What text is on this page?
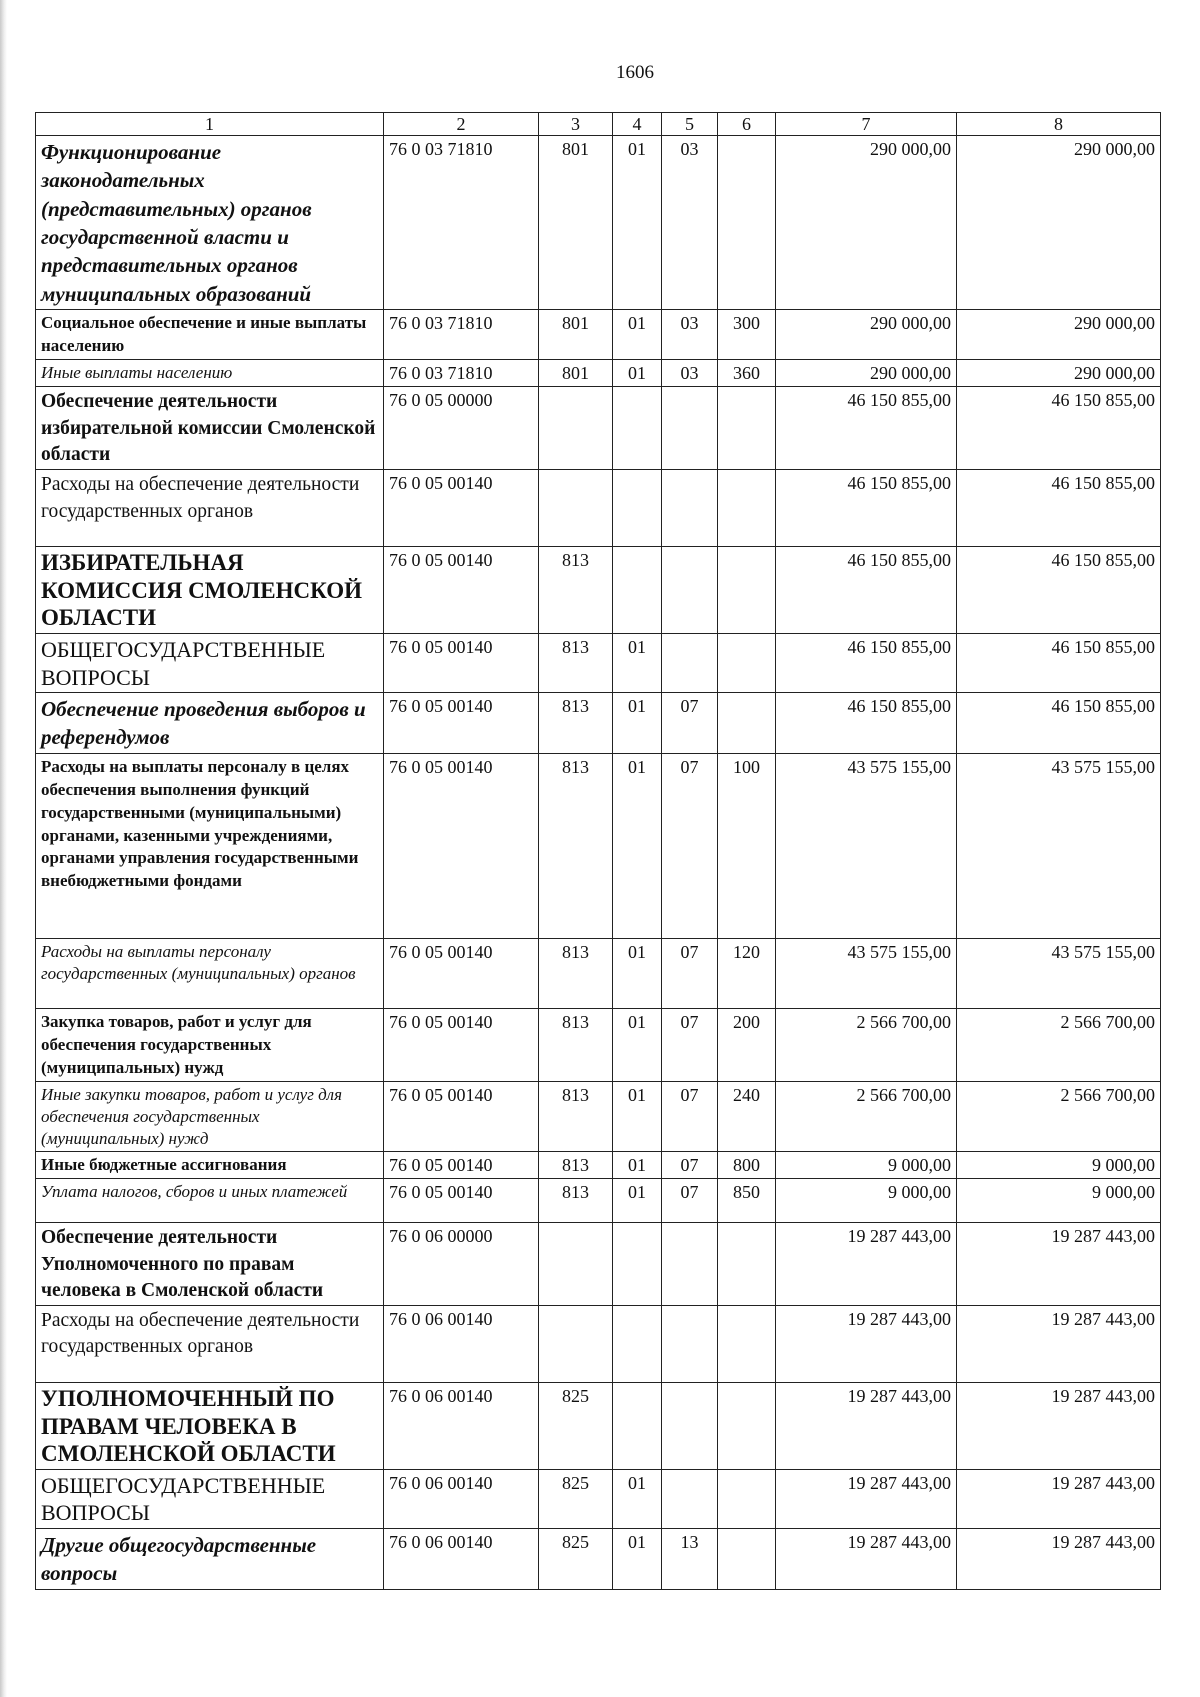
1606
1	2	3	4	5	6	7	8
Функционирование законодательных (представительных) органов государственной власти и представительных органов муниципальных образований	76 0 03 71810	801	01	03		290 000,00	290 000,00
Социальное обеспечение и иные выплаты населению	76 0 03 71810	801	01	03	300	290 000,00	290 000,00
Иные выплаты населению	76 0 03 71810	801	01	03	360	290 000,00	290 000,00
Обеспечение деятельности избирательной комиссии Смоленской области	76 0 05 00000					46 150 855,00	46 150 855,00
Расходы на обеспечение деятельности государственных органов	76 0 05 00140					46 150 855,00	46 150 855,00
ИЗБИРАТЕЛЬНАЯ КОМИССИЯ СМОЛЕНСКОЙ ОБЛАСТИ	76 0 05 00140	813				46 150 855,00	46 150 855,00
ОБЩЕГОСУДАРСТВЕННЫЕ ВОПРОСЫ	76 0 05 00140	813	01			46 150 855,00	46 150 855,00
Обеспечение проведения выборов и референдумов	76 0 05 00140	813	01	07		46 150 855,00	46 150 855,00
Расходы на выплаты персоналу в целях обеспечения выполнения функций государственными (муниципальными) органами, казенными учреждениями, органами управления государственными внебюджетными фондами	76 0 05 00140	813	01	07	100	43 575 155,00	43 575 155,00
Расходы на выплаты персоналу государственных (муниципальных) органов	76 0 05 00140	813	01	07	120	43 575 155,00	43 575 155,00
Закупка товаров, работ и услуг для обеспечения государственных (муниципальных) нужд	76 0 05 00140	813	01	07	200	2 566 700,00	2 566 700,00
Иные закупки товаров, работ и услуг для обеспечения государственных (муниципальных) нужд	76 0 05 00140	813	01	07	240	2 566 700,00	2 566 700,00
Иные бюджетные ассигнования	76 0 05 00140	813	01	07	800	9 000,00	9 000,00
Уплата налогов, сборов и иных платежей	76 0 05 00140	813	01	07	850	9 000,00	9 000,00
Обеспечение деятельности Уполномоченного по правам человека в Смоленской области	76 0 06 00000					19 287 443,00	19 287 443,00
Расходы на обеспечение деятельности государственных органов	76 0 06 00140					19 287 443,00	19 287 443,00
УПОЛНОМОЧЕННЫЙ ПО ПРАВАМ ЧЕЛОВЕКА В СМОЛЕНСКОЙ ОБЛАСТИ	76 0 06 00140	825				19 287 443,00	19 287 443,00
ОБЩЕГОСУДАРСТВЕННЫЕ ВОПРОСЫ	76 0 06 00140	825	01			19 287 443,00	19 287 443,00
Другие общегосударственные вопросы	76 0 06 00140	825	01	13		19 287 443,00	19 287 443,00
